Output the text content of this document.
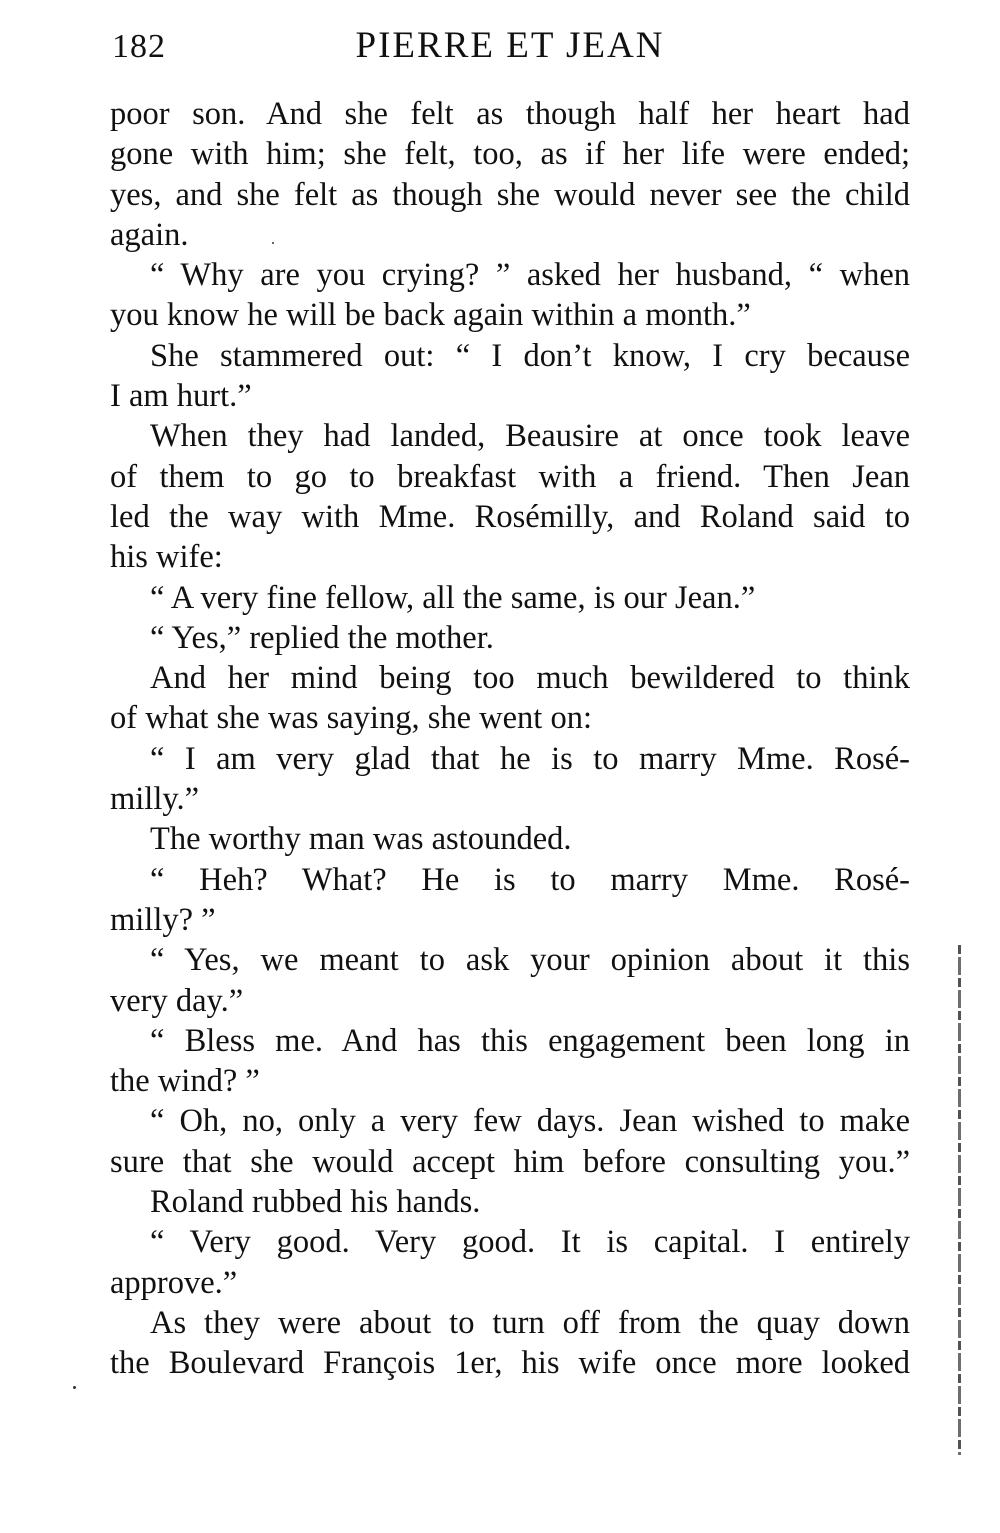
182	PIERRE ET JEAN
poor son. And she felt as though half her heart had
gone with him; she felt, too, as if her life were ended;
yes, and she felt as though she would never see the child
again.
“ Why are you crying? ” asked her husband, “ when
you know he will be back again within a month.”
She stammered out: “ I don’t know, I cry because
I am hurt.”
When they had landed, Beausire at once took leave
of them to go to breakfast with a friend. Then Jean
led the way with Mme. Rosémilly, and Roland said to
his wife:
“ A very fine fellow, all the same, is our Jean.”
“ Yes,” replied the mother.
And her mind being too much bewildered to think
of what she was saying, she went on:
“ I am very glad that he is to marry Mme. Rosé-
milly.”
The worthy man was astounded.
“ Heh? What? He is to marry Mme. Rosé-
milly? ”
“ Yes, we meant to ask your opinion about it this
very day.”
“ Bless me. And has this engagement been long in
the wind? ”
“ Oh, no, only a very few days. Jean wished to make
sure that she would accept him before consulting you.”
Roland rubbed his hands.
“ Very good. Very good. It is capital. I entirely
approve.”
As they were about to turn off from the quay down
the Boulevard François 1er, his wife once more looked
